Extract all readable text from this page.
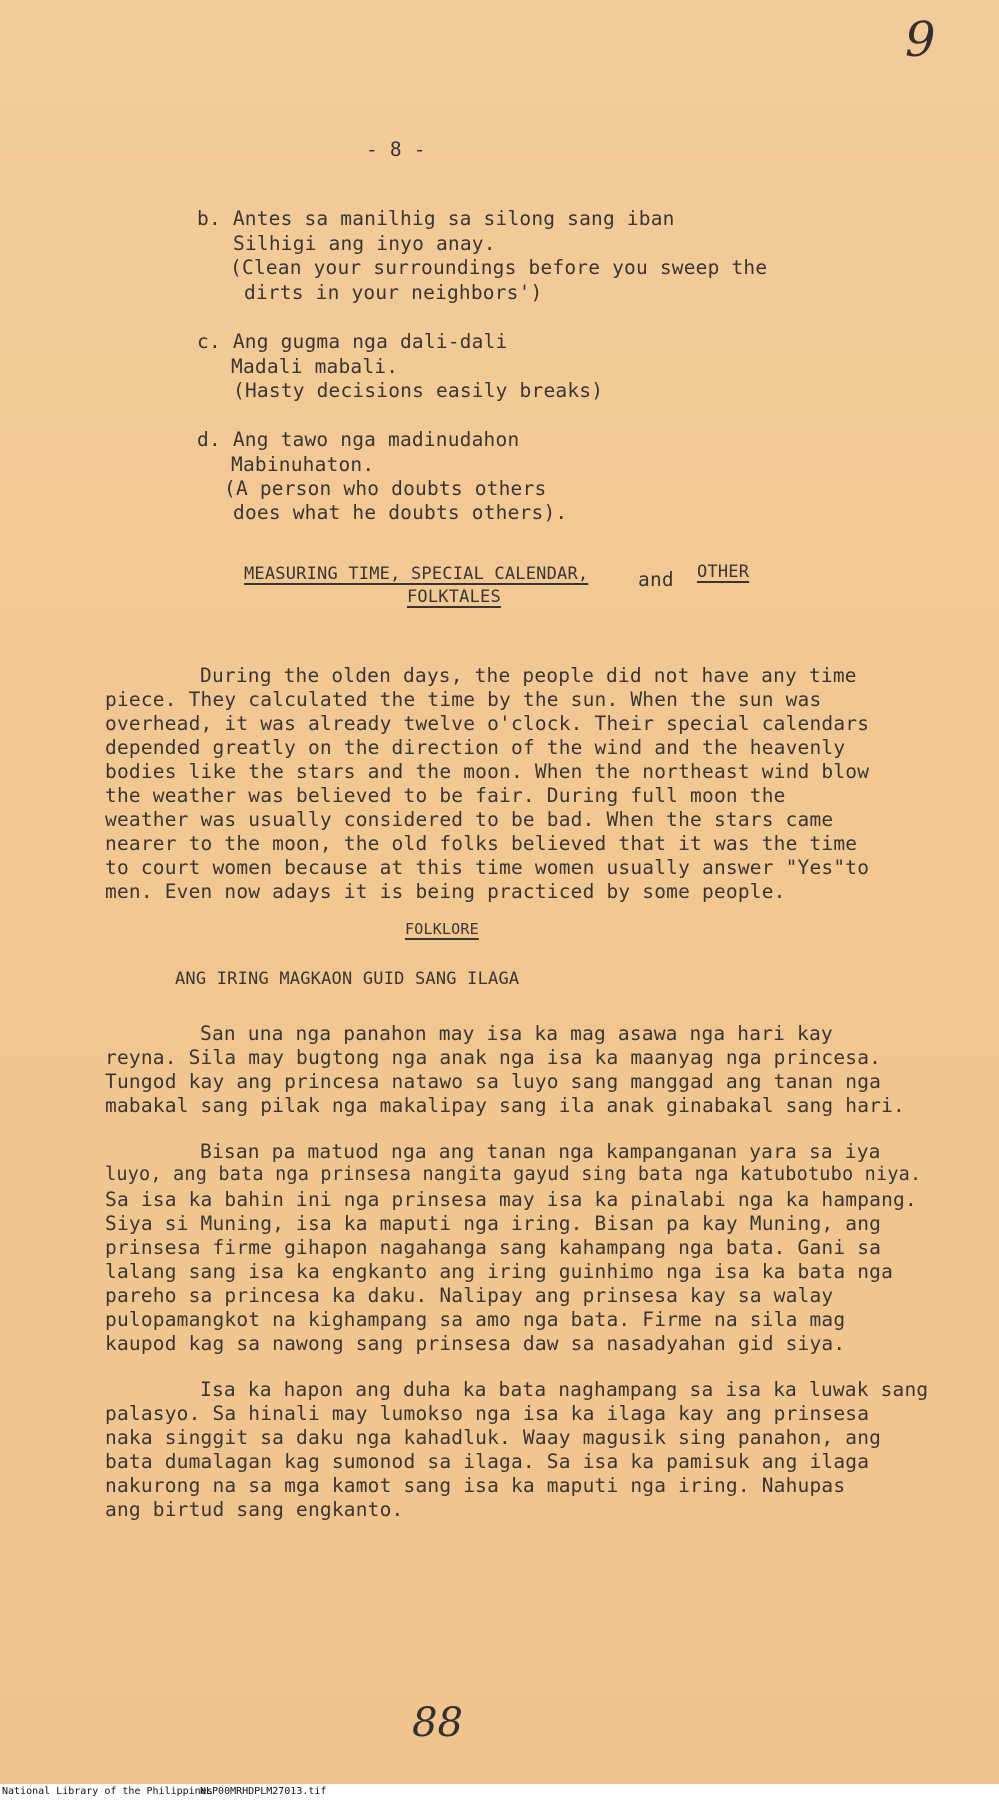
9
- 8 -
b. Antes sa manilhig sa silong sang iban
Silhigi ang inyo anay.
(Clean your surroundings before you sweep the
dirts in your neighbors')
c. Ang gugma nga dali-dali
Madali mabali.
(Hasty decisions easily breaks)
d. Ang tawo nga madinudahon
Mabinuhaton.
(A person who doubts others
does what he doubts others).
MEASURING TIME, SPECIAL CALENDAR,	and OTHER
FOLKTALES
During the olden days, the people did not have any time
piece. They calculated the time by the sun. When the sun was
overhead, it was already twelve o'clock. Their special calendars
depended greatly on the direction of the wind and the heavenly
bodies like the stars and the moon. When the northeast wind blow
the weather was believed to be fair. During full moon the
weather was usually considered to be bad. When the stars came
nearer to the moon, the old folks believed that it was the time
to court women because at this time women usually answer "Yes"to
men. Even now adays it is being practiced by some people.
FOLKLORE
ANG IRING MAGKAON GUID SANG ILAGA
San una nga panahon may isa ka mag asawa nga hari kay
reyna. Sila may bugtong nga anak nga isa ka maanyag nga princesa.
Tungod kay ang princesa natawo sa luyo sang manggad ang tanan nga
mabakal sang pilak nga makalipay sang ila anak ginabakal sang hari.
Bisan pa matuod nga ang tanan nga kampanganan yara sa iya
luyo, ang bata nga prinsesa nangita gayud sing bata nga katubotubo niya.
Sa isa ka bahin ini nga prinsesa may isa ka pinalabi nga ka hampang.
Siya si Muning, isa ka maputi nga iring. Bisan pa kay Muning, ang
prinsesa firme gihapon nagahanga sang kahampang nga bata. Gani sa
lalang sang isa ka engkanto ang iring guinhimo nga isa ka bata nga
pareho sa princesa ka daku. Nalipay ang prinsesa kay sa walay
pulopamangkot na kighampang sa amo nga bata. Firme na sila mag
kaupod kag sa nawong sang prinsesa daw sa nasadyahan gid siya.
Isa ka hapon ang duha ka bata naghampang sa isa ka luwak sang
palasyo. Sa hinali may lumokso nga isa ka ilaga kay ang prinsesa
naka singgit sa daku nga kahadluk. Waay magusik sing panahon, ang
bata dumalagan kag sumonod sa ilaga. Sa isa ka pamisuk ang ilaga
nakurong na sa mga kamot sang isa ka maputi nga iring. Nahupas
ang birtud sang engkanto.
88
National Library of the Philippines
NLP00MRHDPLM27013.tif
